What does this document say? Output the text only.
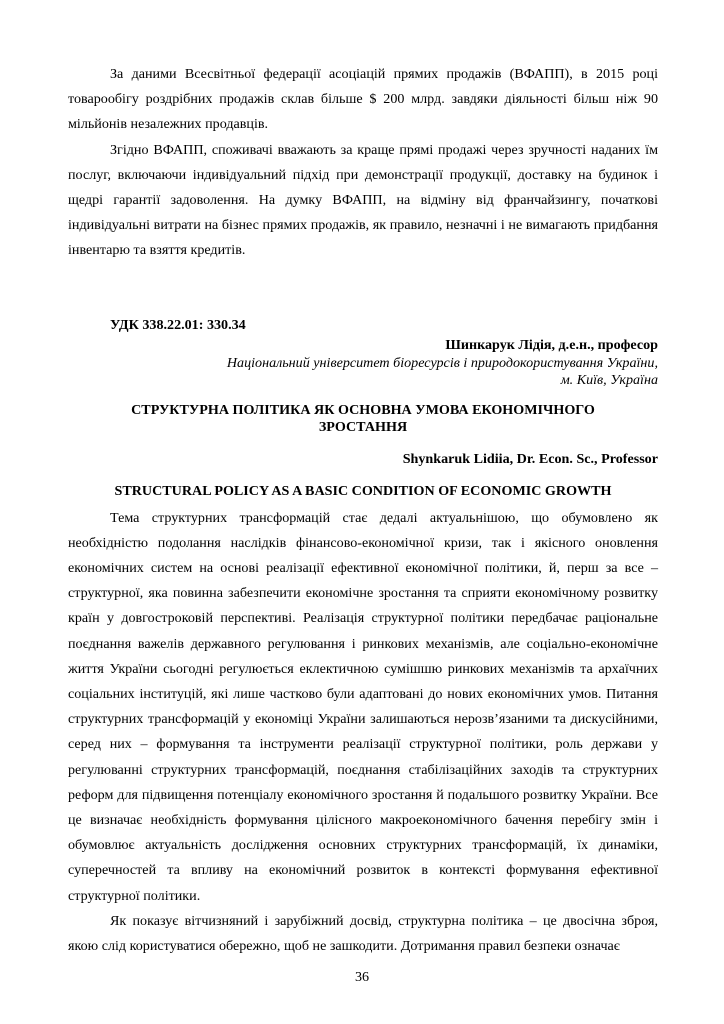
За даними Всесвітньої федерації асоціацій прямих продажів (ВФАПП), в 2015 році товарообігу роздрібних продажів склав більше $ 200 млрд. завдяки діяльності більш ніж 90 мільйонів незалежних продавців.

Згідно ВФАПП, споживачі вважають за краще прямі продажі через зручності наданих їм послуг, включаючи індивідуальний підхід при демонстрації продукції, доставку на будинок і щедрі гарантії задоволення. На думку ВФАПП, на відміну від франчайзингу, початкові індивідуальні витрати на бізнес прямих продажів, як правило, незначні і не вимагають придбання інвентарю та взяття кредитів.

УДК 338.22.01: 330.34

Шинкарук Лідія, д.е.н., професор

Національний університет біоресурсів і природокористування України,

м. Київ, Україна

СТРУКТУРНА ПОЛІТИКА ЯК ОСНОВНА УМОВА ЕКОНОМІЧНОГО
ЗРОСТАННЯ

Shynkaruk Lidiia, Dr. Econ. Sc., Professor

STRUCTURAL POLICY AS A BASIC CONDITION OF ECONOMIC GROWTH

Тема структурних трансформацій стає дедалі актуальнішою, що обумовлено як необхідністю подолання наслідків фінансово-економічної кризи, так і якісного оновлення економічних систем на основі реалізації ефективної економічної політики, й, перш за все – структурної, яка повинна забезпечити економічне зростання та сприяти економічному розвитку країн у довгостроковій перспективі. Реалізація структурної політики передбачає раціональне поєднання важелів державного регулювання і ринкових механізмів, але соціально-економічне життя України сьогодні регулюється еклектичною сумішшю ринкових механізмів та архаїчних соціальних інституцій, які лише частково були адаптовані до нових економічних умов. Питання структурних трансформацій у економіці України залишаються нерозв’язаними та дискусійними, серед них – формування та інструменти реалізації структурної політики, роль держави у регулюванні структурних трансформацій, поєднання стабілізаційних заходів та структурних реформ для підвищення потенціалу економічного зростання й подальшого розвитку України. Все це визначає необхідність формування цілісного макроекономічного бачення перебігу змін і обумовлює актуальність дослідження основних структурних трансформацій, їх динаміки, суперечностей та впливу на економічний розвиток в контексті формування ефективної структурної політики.

Як показує вітчизняний і зарубіжний досвід, структурна політика – це двосічна зброя, якою слід користуватися обережно, щоб не зашкодити. Дотримання правил безпеки означає

36
